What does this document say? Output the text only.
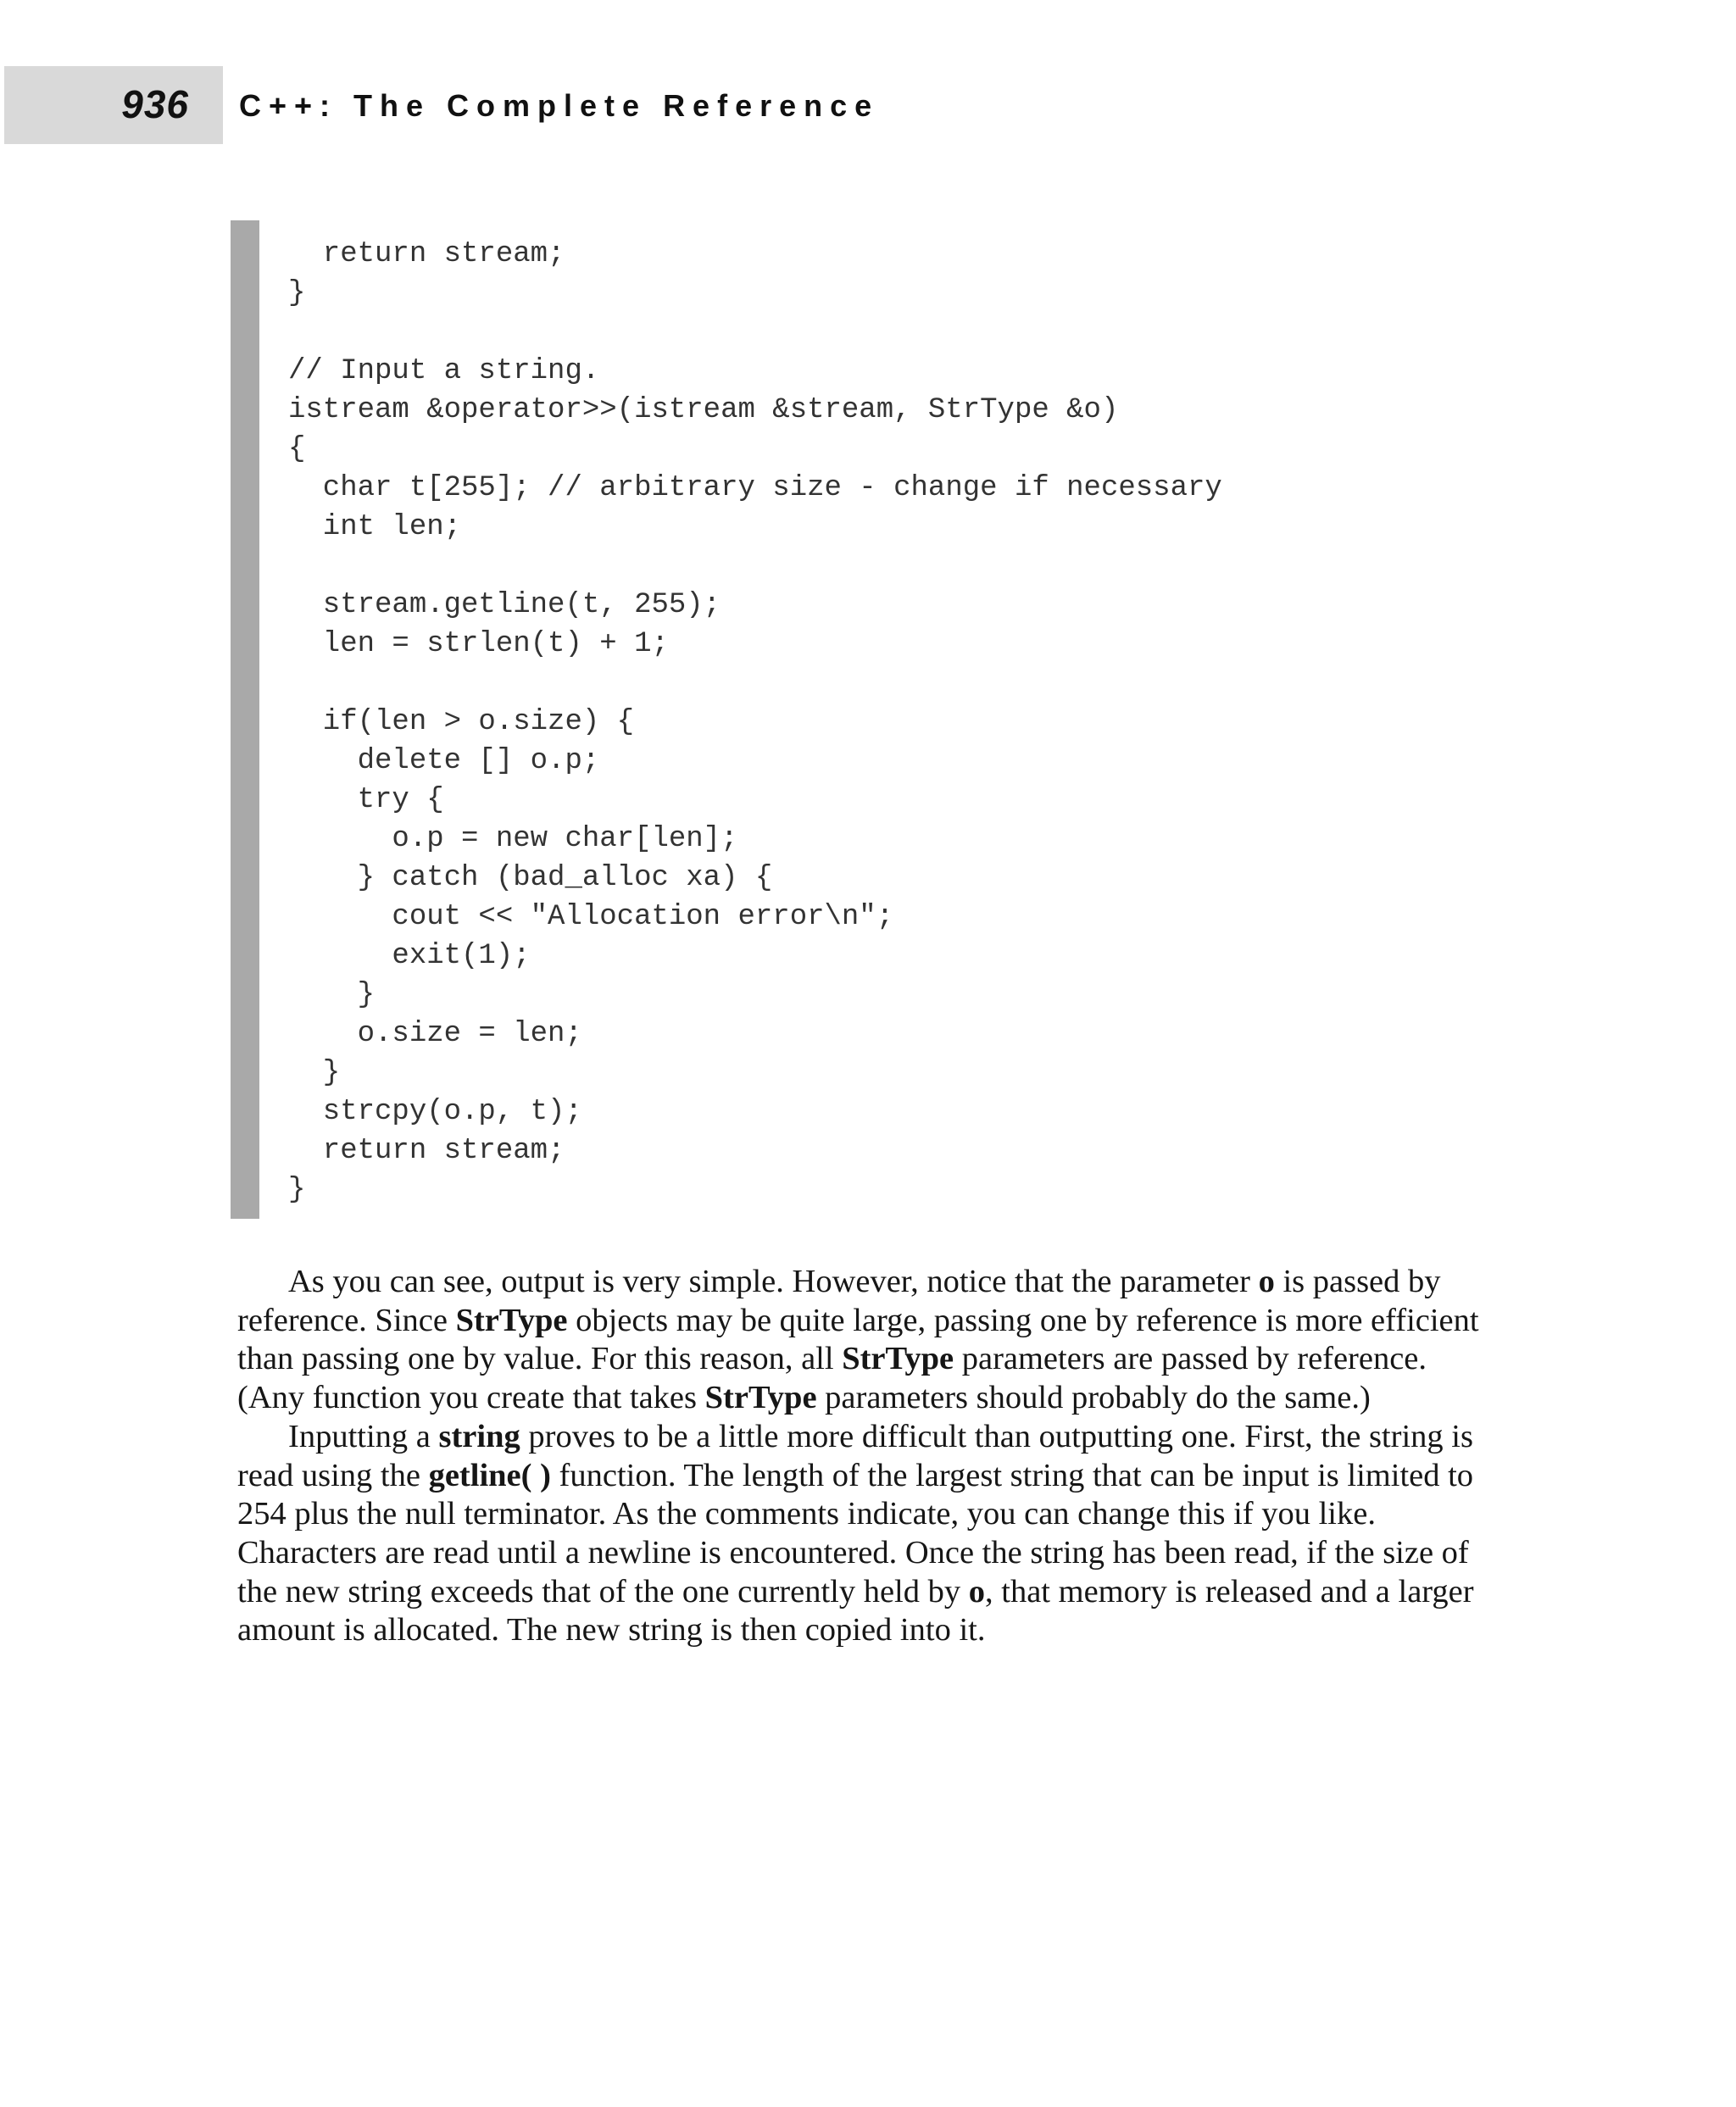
936 C++: The Complete Reference
return stream;
}
// Input a string.
istream &operator>>(istream &stream, StrType &o)
{
char t[255]; // arbitrary size - change if necessary
int len;
stream.getline(t, 255);
len = strlen(t) + 1;
if(len > o.size) {
delete [] o.p;
try {
o.p = new char[len];
} catch (bad_alloc xa) {
cout << "Allocation error\n";
exit(1);
}
o.size = len;
}
strcpy(o.p, t);
return stream;
}

As you can see, output is very simple. However, notice that the parameter o is passed by reference. Since StrType objects may be quite large, passing one by reference is more efficient than passing one by value. For this reason, all StrType parameters are passed by reference. (Any function you create that takes StrType parameters should probably do the same.)

Inputting a string proves to be a little more difficult than outputting one. First, the string is read using the getline( ) function. The length of the largest string that can be input is limited to 254 plus the null terminator. As the comments indicate, you can change this if you like. Characters are read until a newline is encountered. Once the string has been read, if the size of the new string exceeds that of the one currently held by o, that memory is released and a larger amount is allocated. The new string is then copied into it.
